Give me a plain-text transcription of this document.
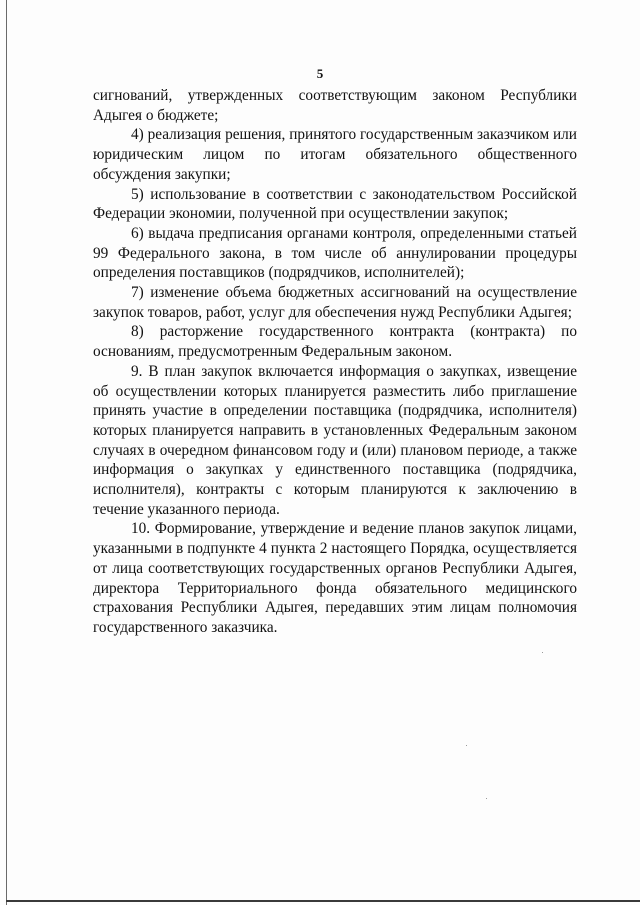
5

сигнований, утвержденных соответствующим законом Республики Адыгея о бюджете;

4) реализация решения, принятого государственным заказчиком или юридическим лицом по итогам обязательного общественного обсуждения закупки;

5) использование в соответствии с законодательством Российской Федерации экономии, полученной при осуществлении закупок;

6) выдача предписания органами контроля, определенными статьей 99 Федерального закона, в том числе об аннулировании процедуры определения поставщиков (подрядчиков, исполнителей);

7) изменение объема бюджетных ассигнований на осуществление закупок товаров, работ, услуг для обеспечения нужд Республики Адыгея;

8) расторжение государственного контракта (контракта) по основаниям, предусмотренным Федеральным законом.

9. В план закупок включается информация о закупках, извещение об осуществлении которых планируется разместить либо приглашение принять участие в определении поставщика (подрядчика, исполнителя) которых планируется направить в установленных Федеральным законом случаях в очередном финансовом году и (или) плановом периоде, а также информация о закупках у единственного поставщика (подрядчика, исполнителя), контракты с которым планируются к заключению в течение указанного периода.

10. Формирование, утверждение и ведение планов закупок лицами, указанными в подпункте 4 пункта 2 настоящего Порядка, осуществляется от лица соответствующих государственных органов Республики Адыгея, директора Территориального фонда обязательного медицинского страхования Республики Адыгея, передавших этим лицам полномочия государственного заказчика.
